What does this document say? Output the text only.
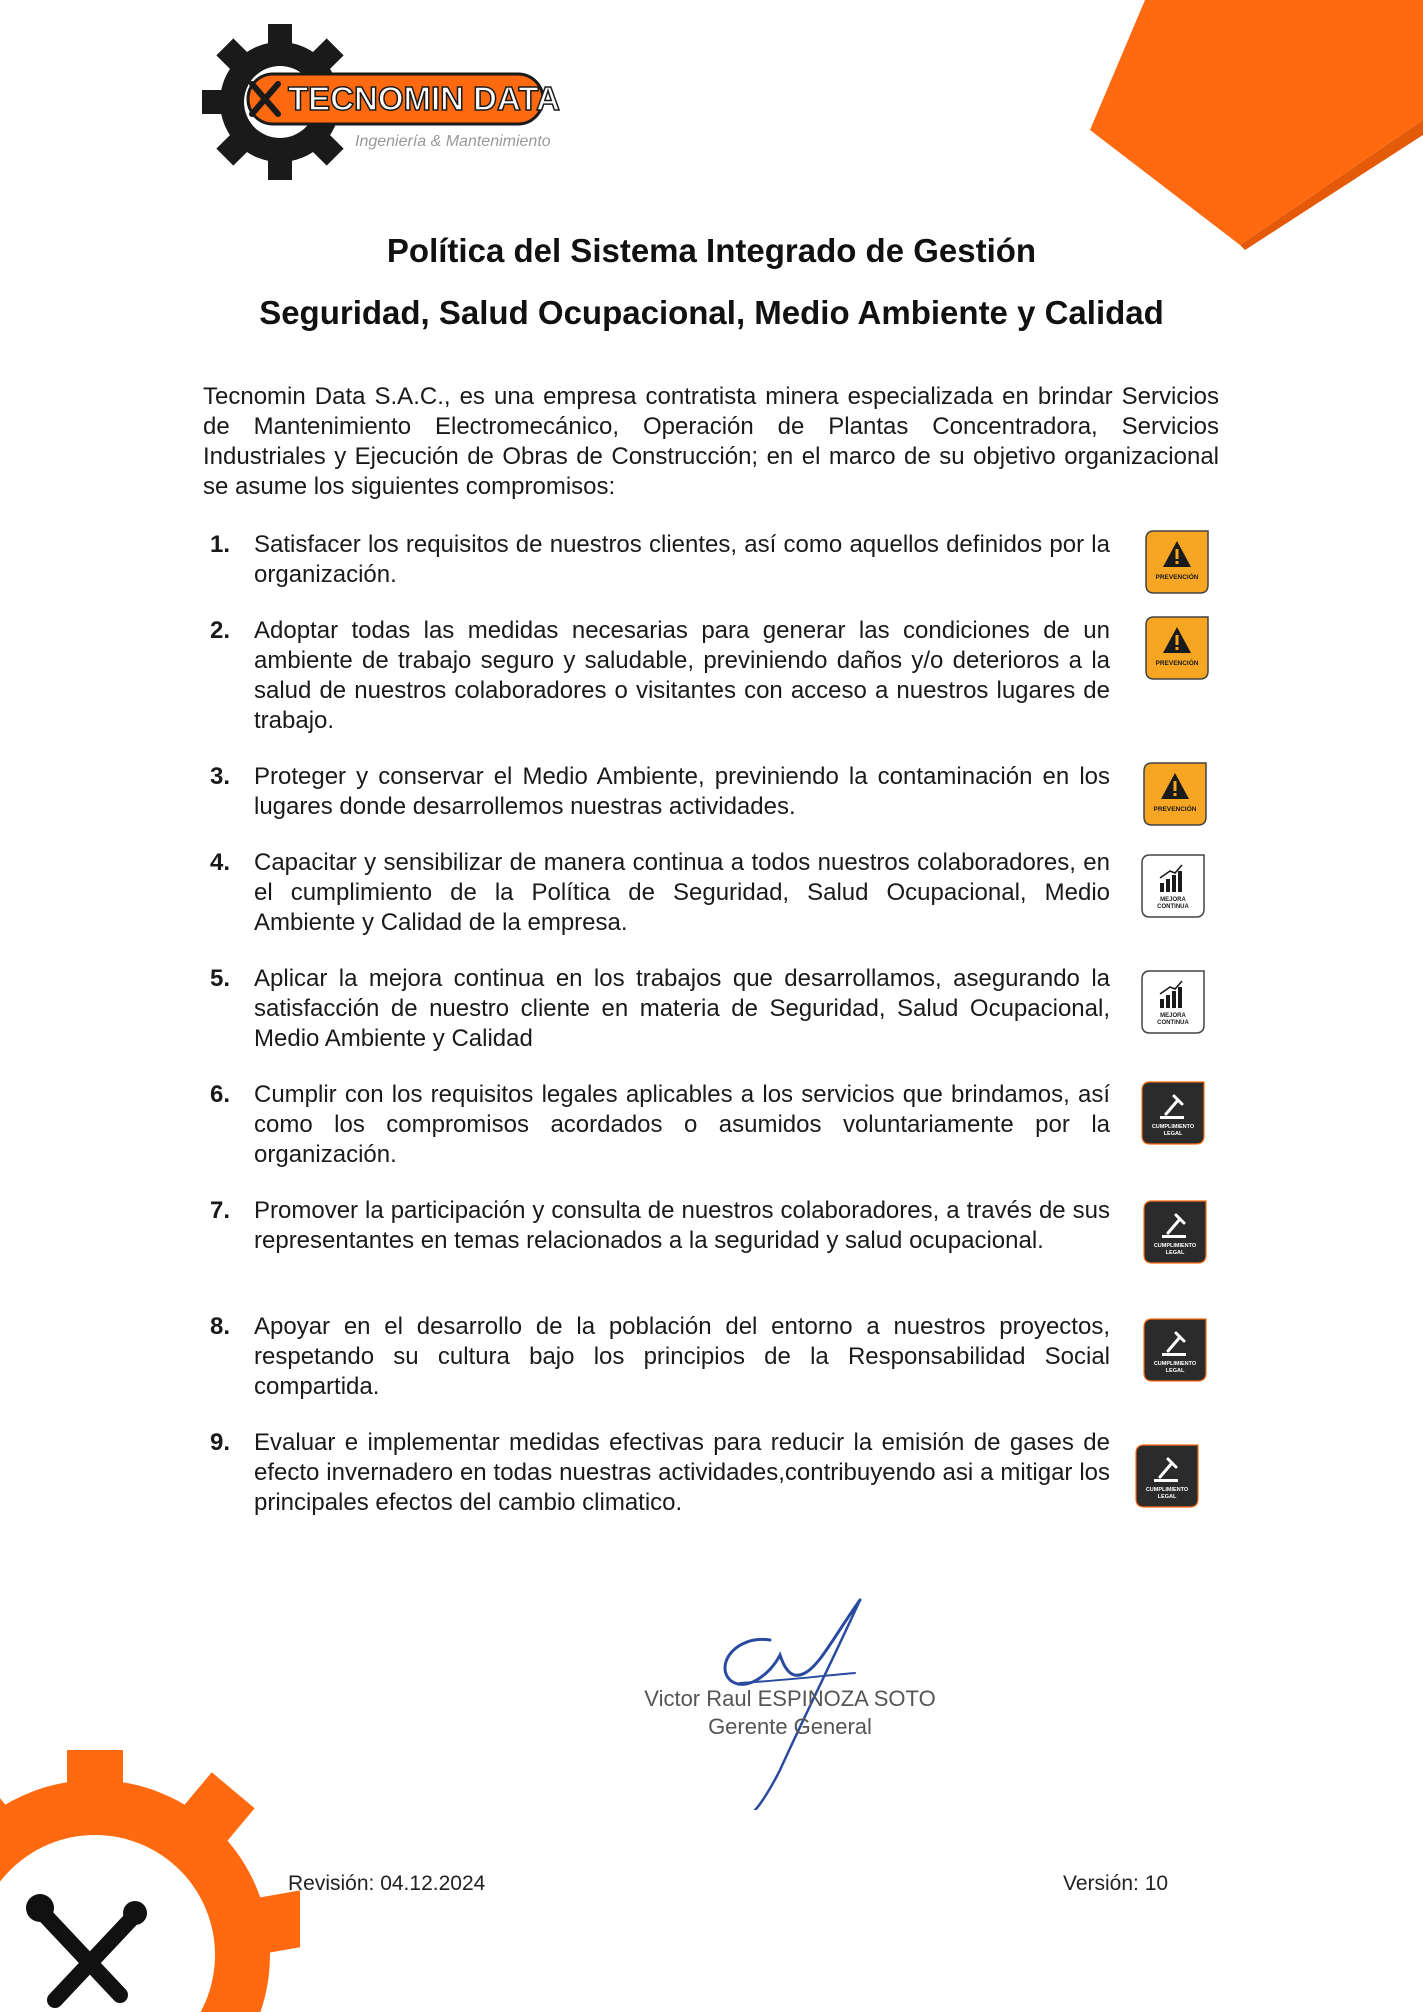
TECNOMIN DATA
Ingeniería & Mantenimiento
Política del Sistema Integrado de Gestión
Seguridad, Salud Ocupacional, Medio Ambiente y Calidad
Tecnomin Data S.A.C., es una empresa contratista minera especializada en brindar Servicios de Mantenimiento Electromecánico, Operación de Plantas Concentradora, Servicios Industriales y Ejecución de Obras de Construcción; en el marco de su objetivo organizacional se asume los siguientes compromisos:
1. Satisfacer los requisitos de nuestros clientes, así como aquellos definidos por la organización.
2. Adoptar todas las medidas necesarias para generar las condiciones de un ambiente de trabajo seguro y saludable, previniendo daños y/o deterioros a la salud de nuestros colaboradores o visitantes con acceso a nuestros lugares de trabajo.
3. Proteger y conservar el Medio Ambiente, previniendo la contaminación en los lugares donde desarrollemos nuestras actividades.
4. Capacitar y sensibilizar de manera continua a todos nuestros colaboradores, en el cumplimiento de la Política de Seguridad, Salud Ocupacional, Medio Ambiente y Calidad de la empresa.
5. Aplicar la mejora continua en los trabajos que desarrollamos, asegurando la satisfacción de nuestro cliente en materia de Seguridad, Salud Ocupacional, Medio Ambiente y Calidad
6. Cumplir con los requisitos legales aplicables a los servicios que brindamos, así como los compromisos acordados o asumidos voluntariamente por la organización.
7. Promover la participación y consulta de nuestros colaboradores, a través de sus representantes en temas relacionados a la seguridad y salud ocupacional.
8. Apoyar en el desarrollo de la población del entorno a nuestros proyectos, respetando su cultura bajo los principios de la Responsabilidad Social compartida.
9. Evaluar e implementar medidas efectivas para reducir la emisión de gases de efecto invernadero en todas nuestras actividades,contribuyendo asi a mitigar los principales efectos del cambio climatico.
PREVENCIÓN
PREVENCIÓN
PREVENCIÓN
MEJORA
CONTINUA
MEJORA
CONTINUA
CUMPLIMIENTO
LEGAL
CUMPLIMIENTO
LEGAL
CUMPLIMIENTO
LEGAL
CUMPLIMIENTO
LEGAL
Victor Raul ESPINOZA SOTO
Gerente General
Revisión: 04.12.2024	Versión: 10
